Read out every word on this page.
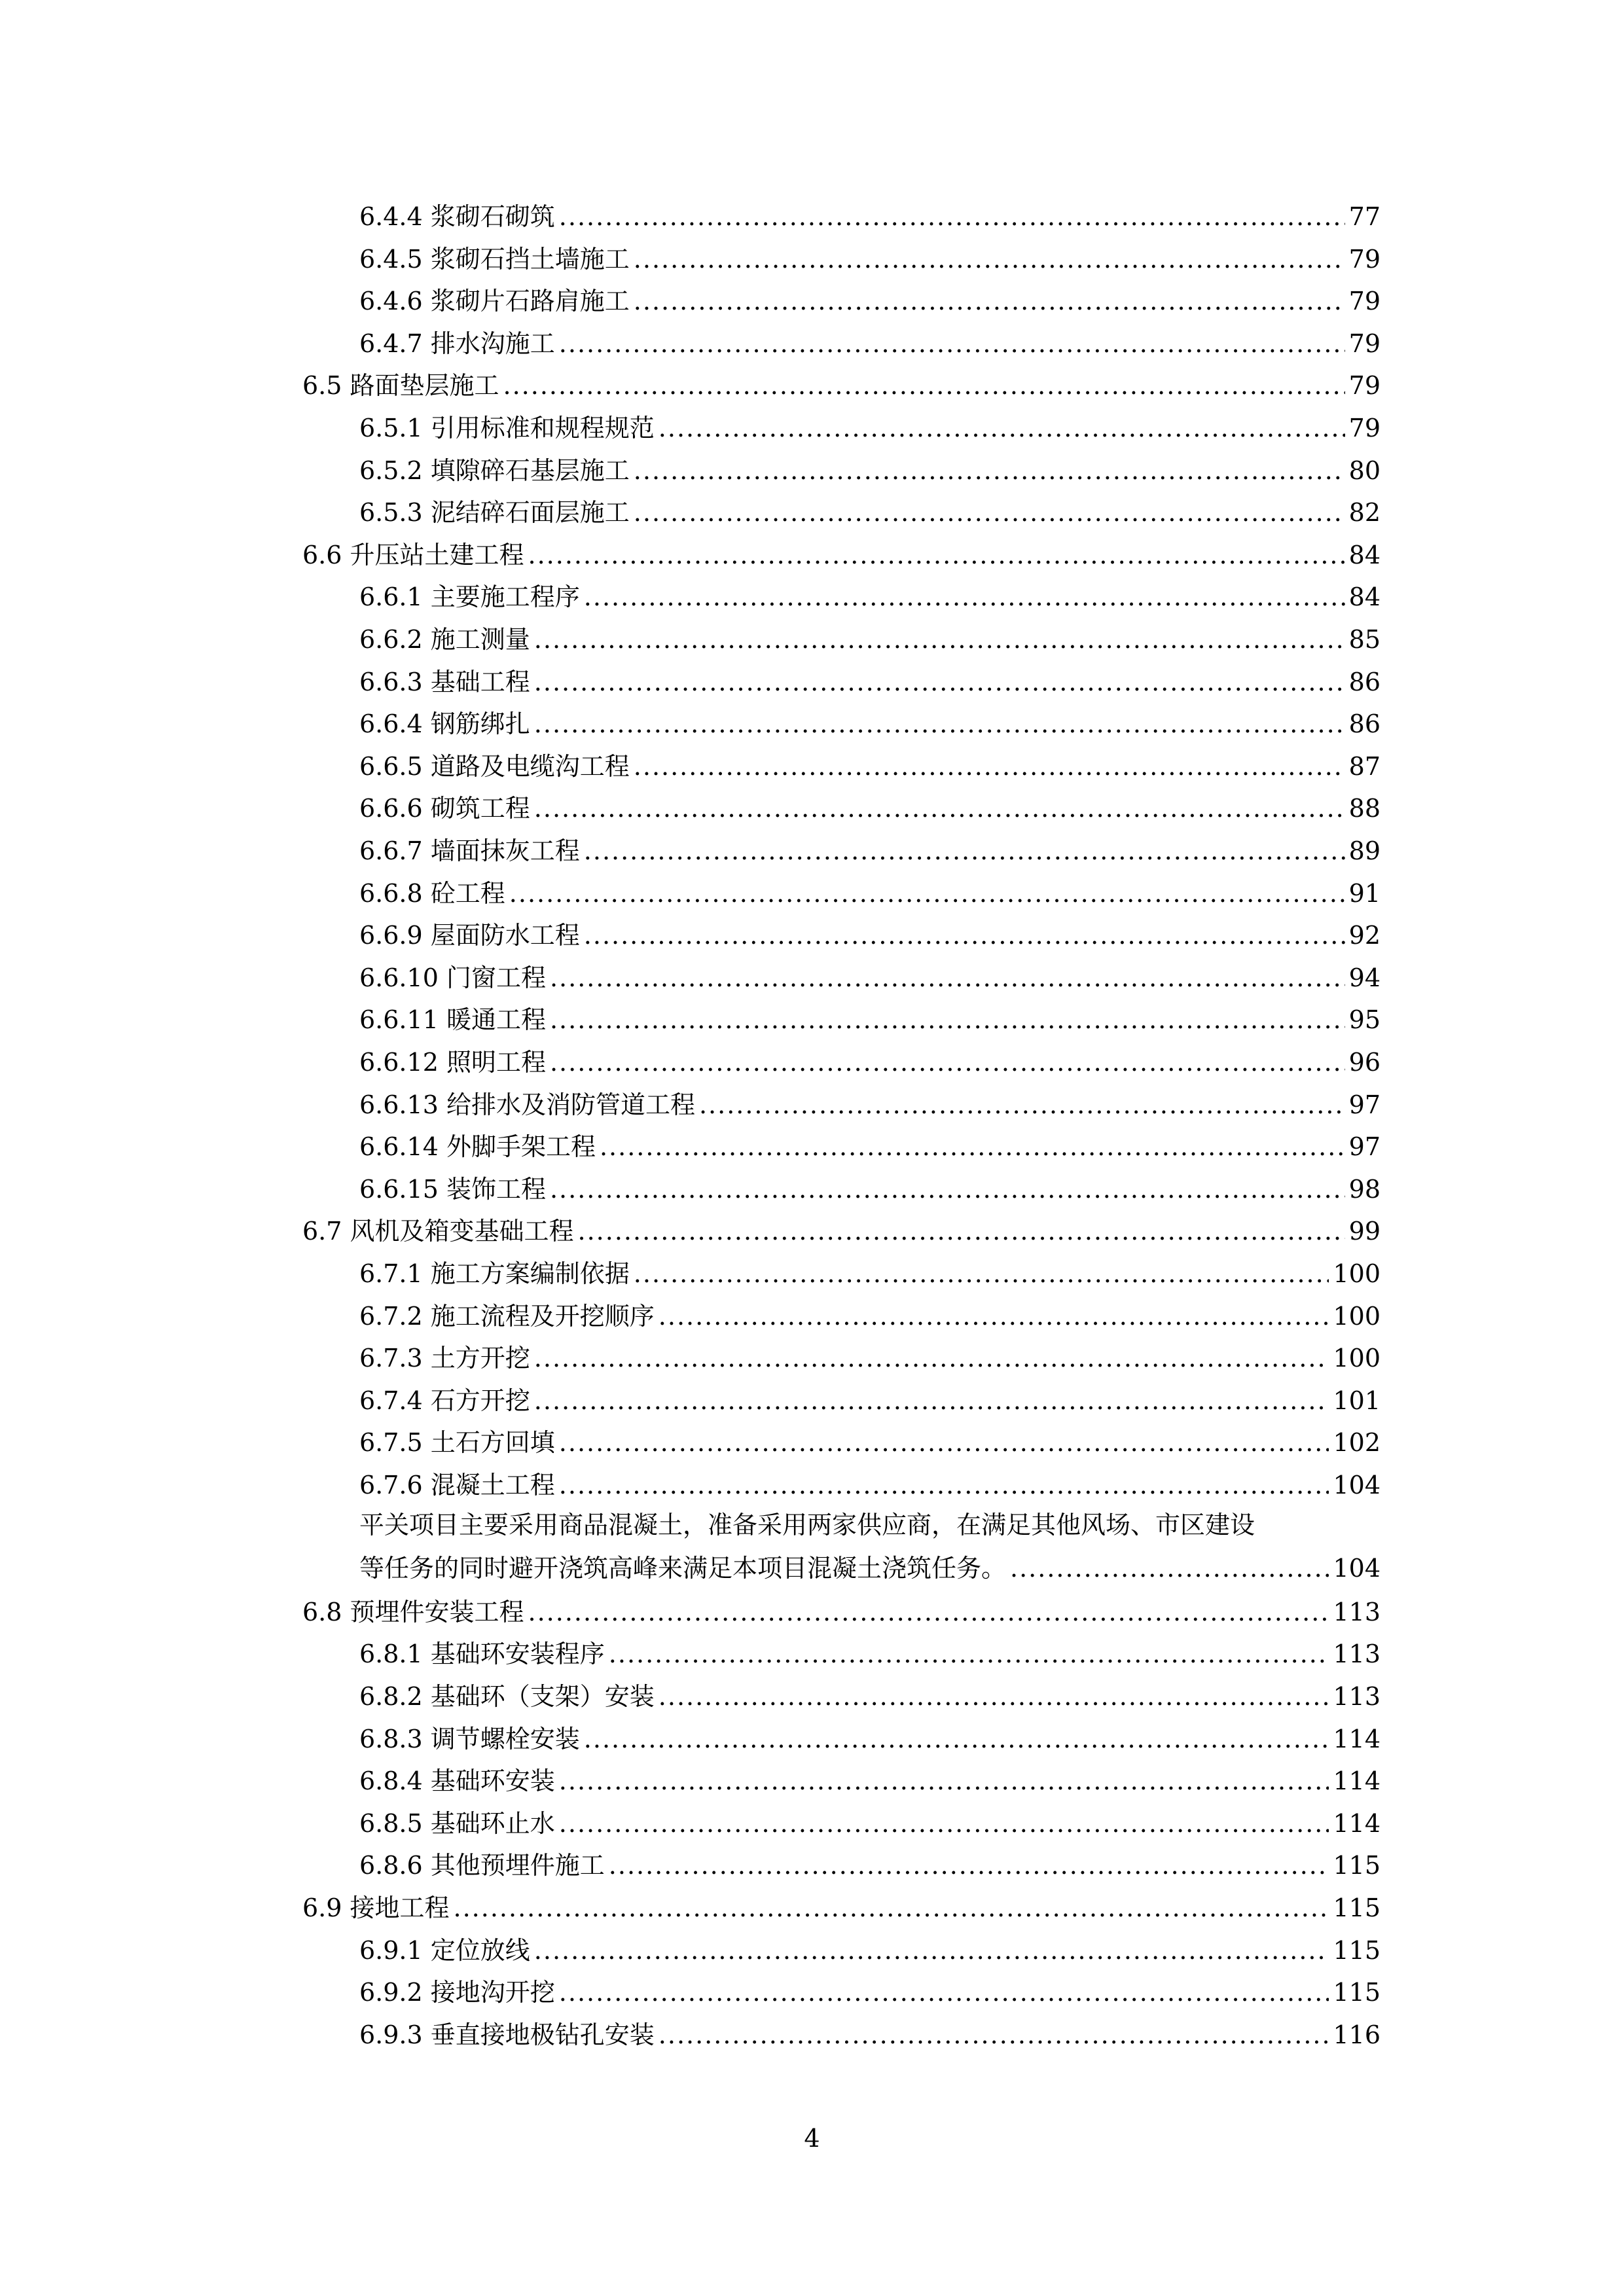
6.4.4 浆砌石砌筑 .....	77
6.4.5 浆砌石挡土墙施工 .....	79
6.4.6 浆砌片石路肩施工 .....	79
6.4.7 排水沟施工 .....	79
6.5 路面垫层施工 .....	79
6.5.1 引用标准和规程规范 .....	79
6.5.2 填隙碎石基层施工 .....	80
6.5.3 泥结碎石面层施工 .....	82
6.6 升压站土建工程 .....	84
6.6.1 主要施工程序 .....	84
6.6.2 施工测量 .....	85
6.6.3 基础工程 .....	86
6.6.4 钢筋绑扎 .....	86
6.6.5 道路及电缆沟工程 .....	87
6.6.6 砌筑工程 .....	88
6.6.7 墙面抹灰工程 .....	89
6.6.8 砼工程 .....	91
6.6.9 屋面防水工程 .....	92
6.6.10 门窗工程 .....	94
6.6.11 暖通工程 .....	95
6.6.12 照明工程 .....	96
6.6.13 给排水及消防管道工程 .....	97
6.6.14 外脚手架工程 .....	97
6.6.15 装饰工程 .....	98
6.7 风机及箱变基础工程 .....	99
6.7.1 施工方案编制依据 .....	100
6.7.2 施工流程及开挖顺序 .....	100
6.7.3 土方开挖 .....	100
6.7.4 石方开挖 .....	101
6.7.5 土石方回填 .....	102
6.7.6 混凝土工程 .....	104
6.8 预埋件安装工程 .....	113
6.8.1 基础环安装程序 .....	113
6.8.2 基础环（支架）安装 .....	113
6.8.3 调节螺栓安装 .....	114
6.8.4 基础环安装 .....	114
6.8.5 基础环止水 .....	114
6.8.6 其他预埋件施工 .....	115
6.9 接地工程 .....	115
6.9.1 定位放线 .....	115
6.9.2 接地沟开挖 .....	115
6.9.3 垂直接地极钻孔安装 .....	116
平关项目主要采用商品混凝土，准备采用两家供应商，在满足其他风场、市区建设
等任务的同时避开浇筑高峰来满足本项目混凝土浇筑任务。 .....	104
4
